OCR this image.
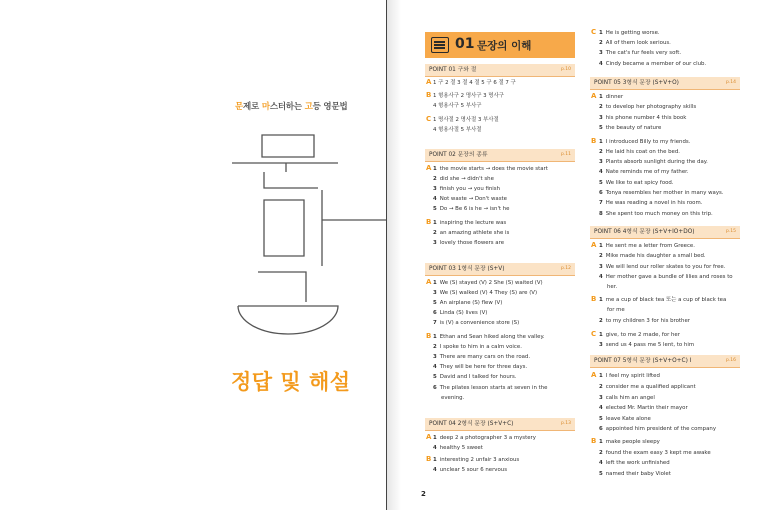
문제로 마스터하는 고등 영문법
정답 및 해설
01 문장의 이해
POINT 01 구와 절	p.10
A 1 구 2 절 3 절 4 절 5 구 6 절 7 구
B 1 형용사구 2 명사구 3 명사구
4 형용사구 5 부사구
C 1 명사절 2 명사절 3 부사절
4 형용사절 5 부사절
POINT 02 문장의 종류	p.11
A 1 the movie starts → does the movie start
2 did she → didn't she
3 finish you → you finish
4 Not waste → Don't waste
5 Do → Be 6 is he → isn't he
B 1 inspiring the lecture was
2 an amazing athlete she is
3 lovely those flowers are
POINT 03 1형식 문장 (S+V)	p.12
A 1 We (S) stayed (V) 2 She (S) waited (V)
3 We (S) walked (V) 4 They (S) are (V)
5 An airplane (S) flew (V)
6 Linda (S) lives (V)
7 is (V) a convenience store (S)
B 1 Ethan and Sean hiked along the valley.
2 I spoke to him in a calm voice.
3 There are many cars on the road.
4 They will be here for three days.
5 David and I talked for hours.
6 The pilates lesson starts at seven in the
evening.
POINT 04 2형식 문장 (S+V+C)	p.13
A 1 deep 2 a photographer 3 a mystery
4 healthy 5 sweet
B 1 interesting 2 unfair 3 anxious
4 unclear 5 sour 6 nervous
C 1 He is getting worse.
2 All of them look serious.
3 The cat's fur feels very soft.
4 Cindy became a member of our club.
POINT 05 3형식 문장 (S+V+O)	p.14
A 1 dinner
2 to develop her photography skills
3 his phone number 4 this book
5 the beauty of nature
B 1 I introduced Billy to my friends.
2 He laid his coat on the bed.
3 Plants absorb sunlight during the day.
4 Nate reminds me of my father.
5 We like to eat spicy food.
6 Tonya resembles her mother in many ways.
7 He was reading a novel in his room.
8 She spent too much money on this trip.
POINT 06 4형식 문장 (S+V+IO+DO)	p.15
A 1 He sent me a letter from Greece.
2 Mike made his daughter a small bed.
3 We will lend our roller skates to you for free.
4 Her mother gave a bundle of lilies and roses to
her.
B 1 me a cup of black tea 또는 a cup of black tea
for me
2 to my children 3 for his brother
C 1 give, to me 2 made, for her
3 send us 4 pass me 5 lent, to him
POINT 07 5형식 문장 (S+V+O+C) I	p.16
A 1 I feel my spirit lifted
2 consider me a qualified applicant
3 calls him an angel
4 elected Mr. Martin their mayor
5 leave Kate alone
6 appointed him president of the company
B 1 make people sleepy
2 found the exam easy 3 kept me awake
4 left the work unfinished
5 named their baby Violet
2
